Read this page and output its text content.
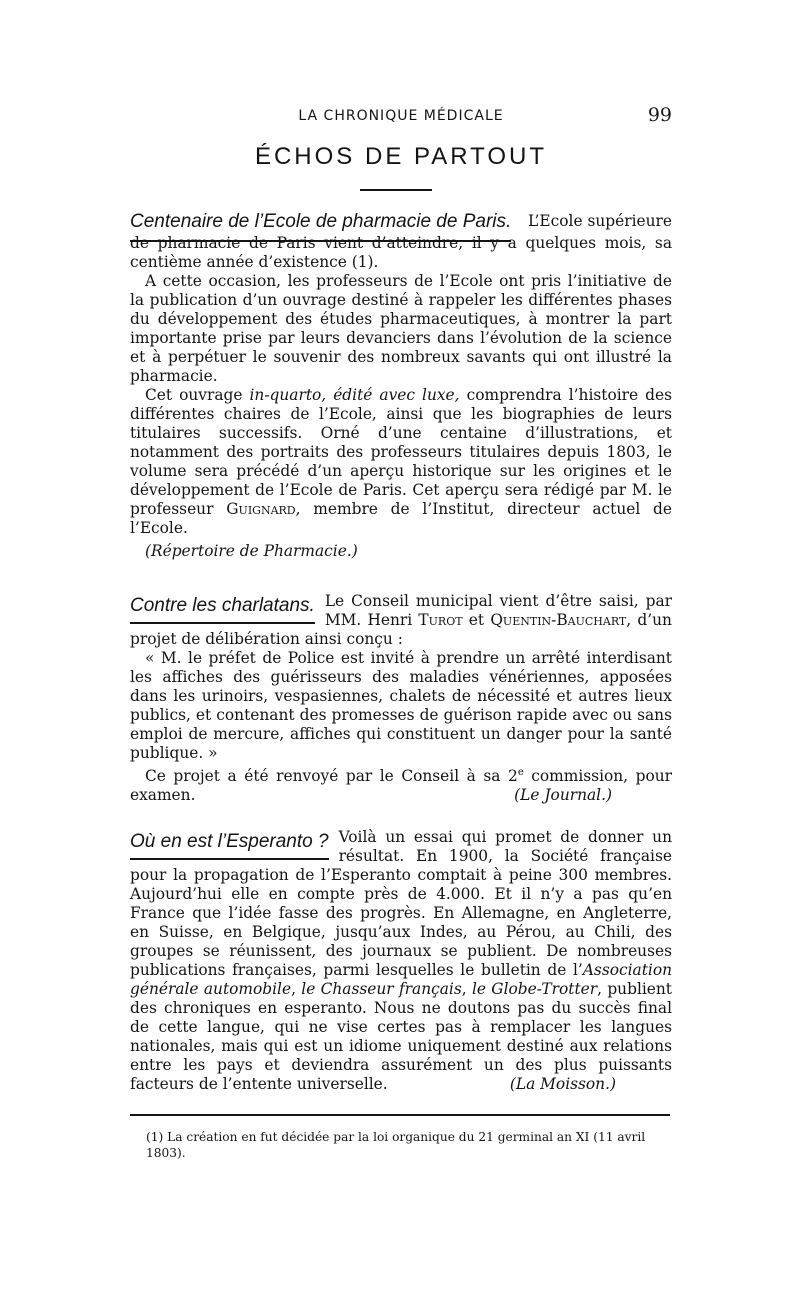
LA CHRONIQUE MÉDICALE	99
ÉCHOS DE PARTOUT
Centenaire de l’Ecole de pharmacie de Paris.	L’Ecole supérieure

de pharmacie de Paris vient d’atteindre, il y a quelques mois, sa centième année d’existence (1).

A cette occasion, les professeurs de l’Ecole ont pris l’initiative de la publication d’un ouvrage destiné à rappeler les différentes phases du développement des études pharmaceutiques, à montrer la part importante prise par leurs devanciers dans l’évolution de la science et à perpétuer le souvenir des nombreux savants qui ont illustré la pharmacie.

Cet ouvrage in-quarto, édité avec luxe, comprendra l’histoire des différentes chaires de l’Ecole, ainsi que les biographies de leurs titulaires successifs. Orné d’une centaine d’illustrations, et notamment des portraits des professeurs titulaires depuis 1803, le volume sera précédé d’un aperçu historique sur les origines et le développement de l’Ecole de Paris. Cet aperçu sera rédigé par M. le professeur Guignard, membre de l’Institut, directeur actuel de l’Ecole.

(Répertoire de Pharmacie.)

Contre les charlatans. Le Conseil municipal vient d’être saisi, par MM. Henri Turot et Quentin-Bauchart, d’un projet de délibération ainsi conçu :

« M. le préfet de Police est invité à prendre un arrêté interdisant les affiches des guérisseurs des maladies vénériennes, apposées dans les urinoirs, vespasiennes, chalets de nécessité et autres lieux publics, et contenant des promesses de guérison rapide avec ou sans emploi de mercure, affiches qui constituent un danger pour la santé publique. »

Ce projet a été renvoyé par le Conseil à sa 2e commission, pour examen.	(Le Journal.)

Où en est l’Esperanto ? Voilà un essai qui promet de donner un résultat. En 1900, la Société française pour la propagation de l’Esperanto comptait à peine 300 membres. Aujourd’hui elle en compte près de 4.000. Et il n’y a pas qu’en France que l’idée fasse des progrès. En Allemagne, en Angleterre, en Suisse, en Belgique, jusqu’aux Indes, au Pérou, au Chili, des groupes se réunissent, des journaux se publient. De nombreuses publications françaises, parmi lesquelles le bulletin de l’Association générale automobile, le Chasseur français, le Globe-Trotter, publient des chroniques en esperanto. Nous ne doutons pas du succès final de cette langue, qui ne vise certes pas à remplacer les langues nationales, mais qui est un idiome uniquement destiné aux relations entre les pays et deviendra assurément un des plus puissants facteurs de l’entente universelle.	(La Moisson.)

(1) La création en fut décidée par la loi organique du 21 germinal an XI (11 avril 1803).
